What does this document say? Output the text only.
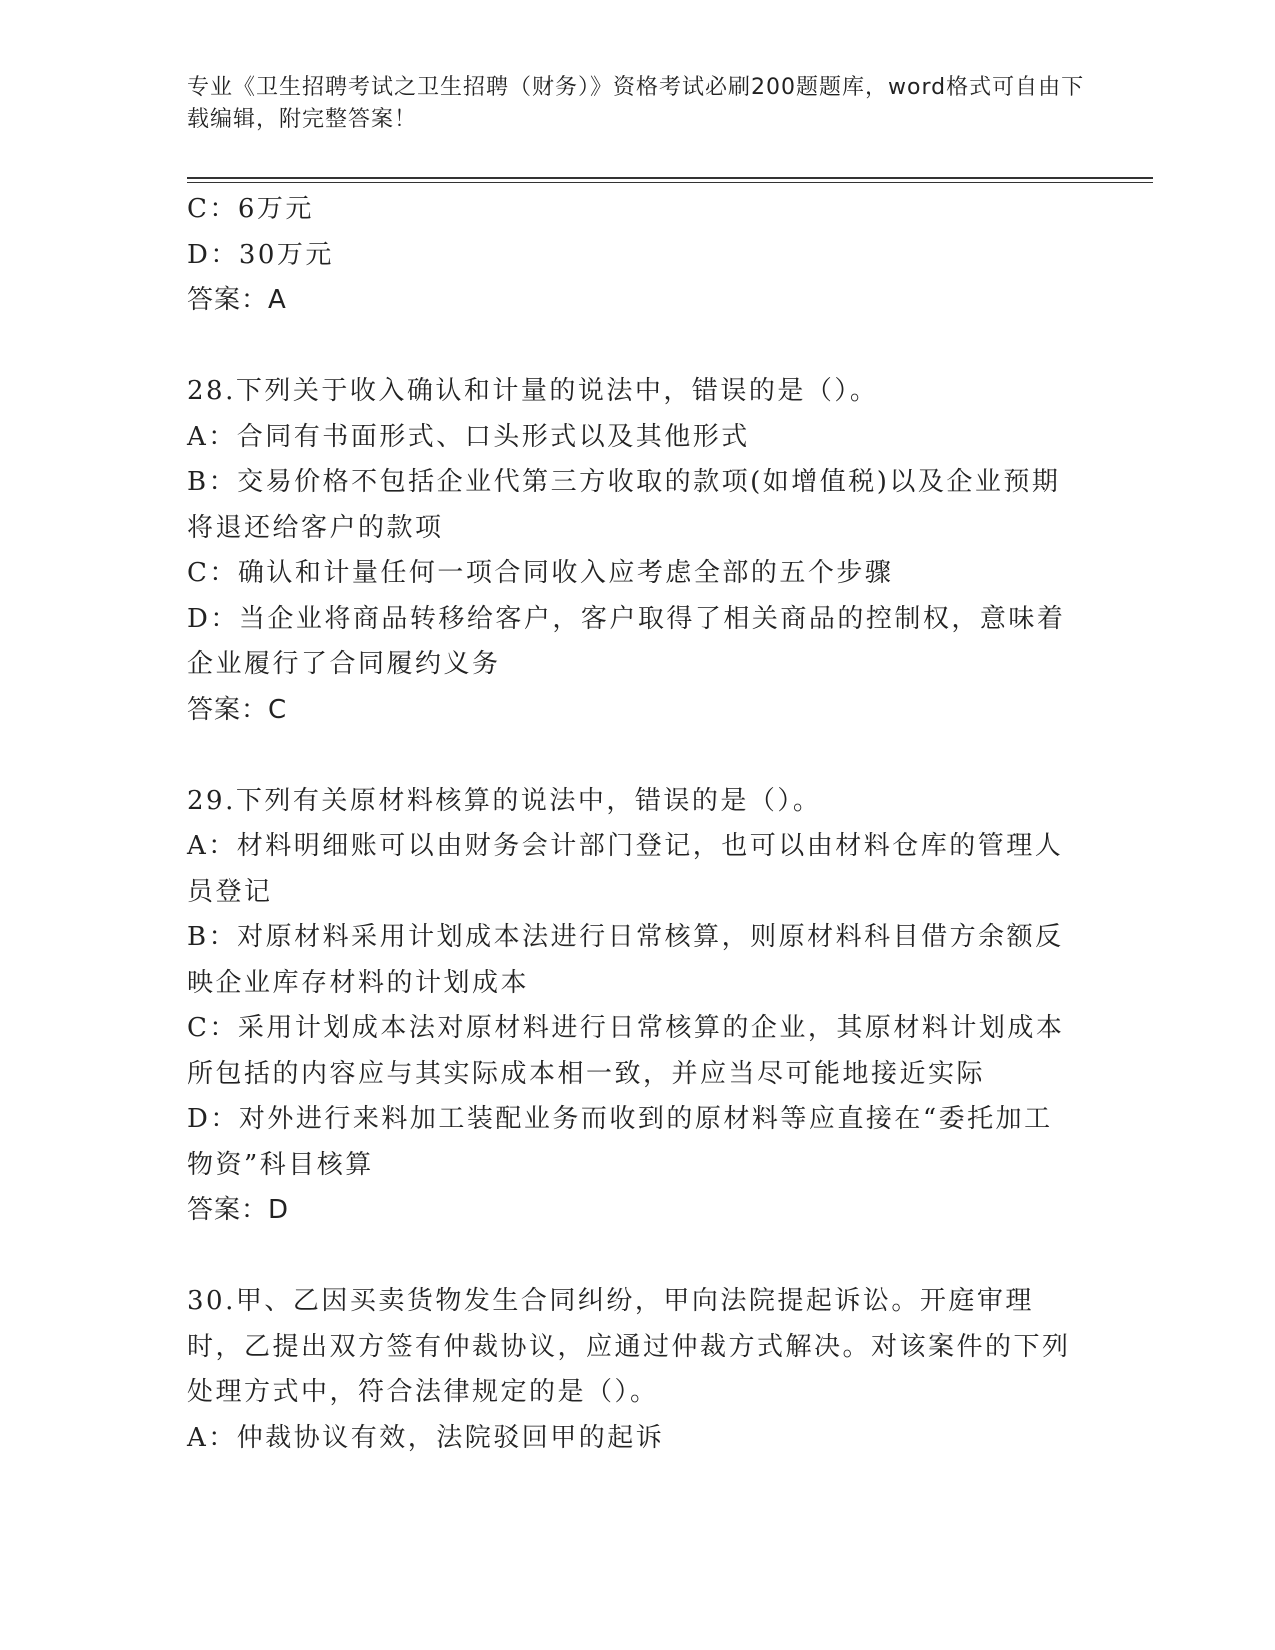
专业《卫生招聘考试之卫生招聘（财务）》资格考试必刷200题题库，word格式可自由下载编辑，附完整答案！

C：6万元

D：30万元

答案：A

28.下列关于收入确认和计量的说法中，错误的是（）。

A：合同有书面形式、口头形式以及其他形式

B：交易价格不包括企业代第三方收取的款项(如增值税)以及企业预期将退还给客户的款项

C：确认和计量任何一项合同收入应考虑全部的五个步骤

D：当企业将商品转移给客户，客户取得了相关商品的控制权，意味着企业履行了合同履约义务

答案：C

29.下列有关原材料核算的说法中，错误的是（）。

A：材料明细账可以由财务会计部门登记，也可以由材料仓库的管理人员登记

B：对原材料采用计划成本法进行日常核算，则原材料科目借方余额反映企业库存材料的计划成本

C：采用计划成本法对原材料进行日常核算的企业，其原材料计划成本所包括的内容应与其实际成本相一致，并应当尽可能地接近实际

D：对外进行来料加工装配业务而收到的原材料等应直接在“委托加工物资”科目核算

答案：D

30.甲、乙因买卖货物发生合同纠纷，甲向法院提起诉讼。开庭审理时，乙提出双方签有仲裁协议，应通过仲裁方式解决。对该案件的下列处理方式中，符合法律规定的是（）。

A：仲裁协议有效，法院驳回甲的起诉
